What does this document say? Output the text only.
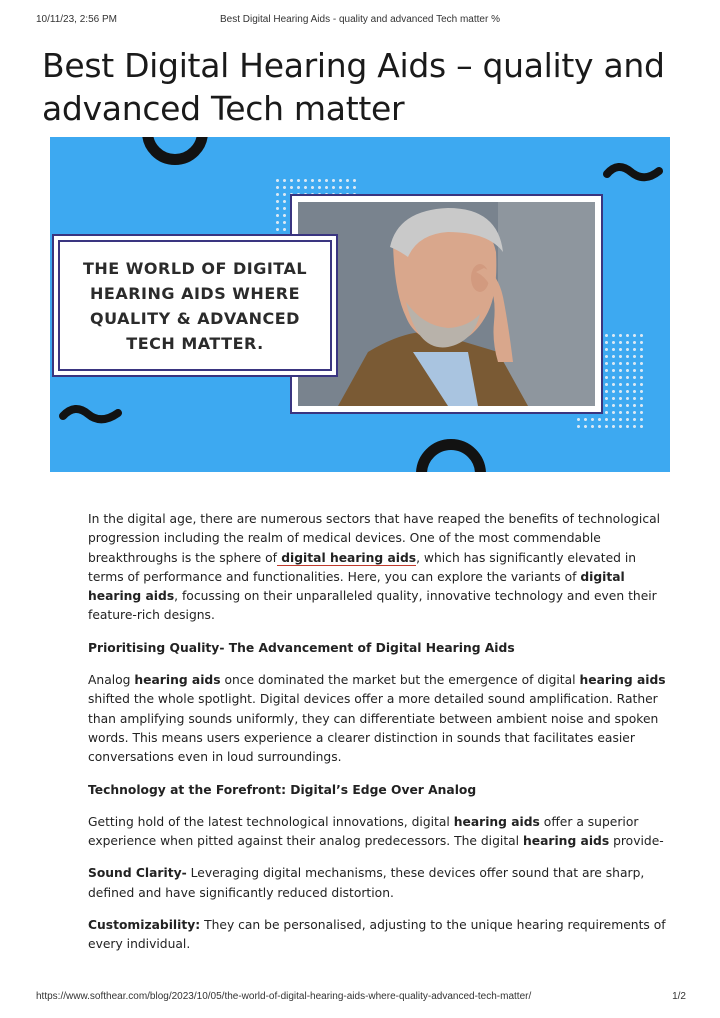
10/11/23, 2:56 PM	Best Digital Hearing Aids - quality and advanced Tech matter %
Best Digital Hearing Aids – quality and advanced Tech matter
THE WORLD OF DIGITAL
HEARING AIDS WHERE
QUALITY & ADVANCED
TECH MATTER.

In the digital age, there are numerous sectors that have reaped the benefits of technological progression including the realm of medical devices. One of the most commendable breakthroughs is the sphere of digital hearing aids, which has significantly elevated in terms of performance and functionalities. Here, you can explore the variants of digital hearing aids, focussing on their unparalleled quality, innovative technology and even their feature-rich designs.

Prioritising Quality- The Advancement of Digital Hearing Aids

Analog hearing aids once dominated the market but the emergence of digital hearing aids shifted the whole spotlight. Digital devices offer a more detailed sound amplification. Rather than amplifying sounds uniformly, they can differentiate between ambient noise and spoken words. This means users experience a clearer distinction in sounds that facilitates easier conversations even in loud surroundings.

Technology at the Forefront: Digital’s Edge Over Analog

Getting hold of the latest technological innovations, digital hearing aids offer a superior experience when pitted against their analog predecessors. The digital hearing aids provide-

Sound Clarity- Leveraging digital mechanisms, these devices offer sound that are sharp, defined and have significantly reduced distortion.

Customizability: They can be personalised, adjusting to the unique hearing requirements of every individual.

https://www.softhear.com/blog/2023/10/05/the-world-of-digital-hearing-aids-where-quality-advanced-tech-matter/	1/2
